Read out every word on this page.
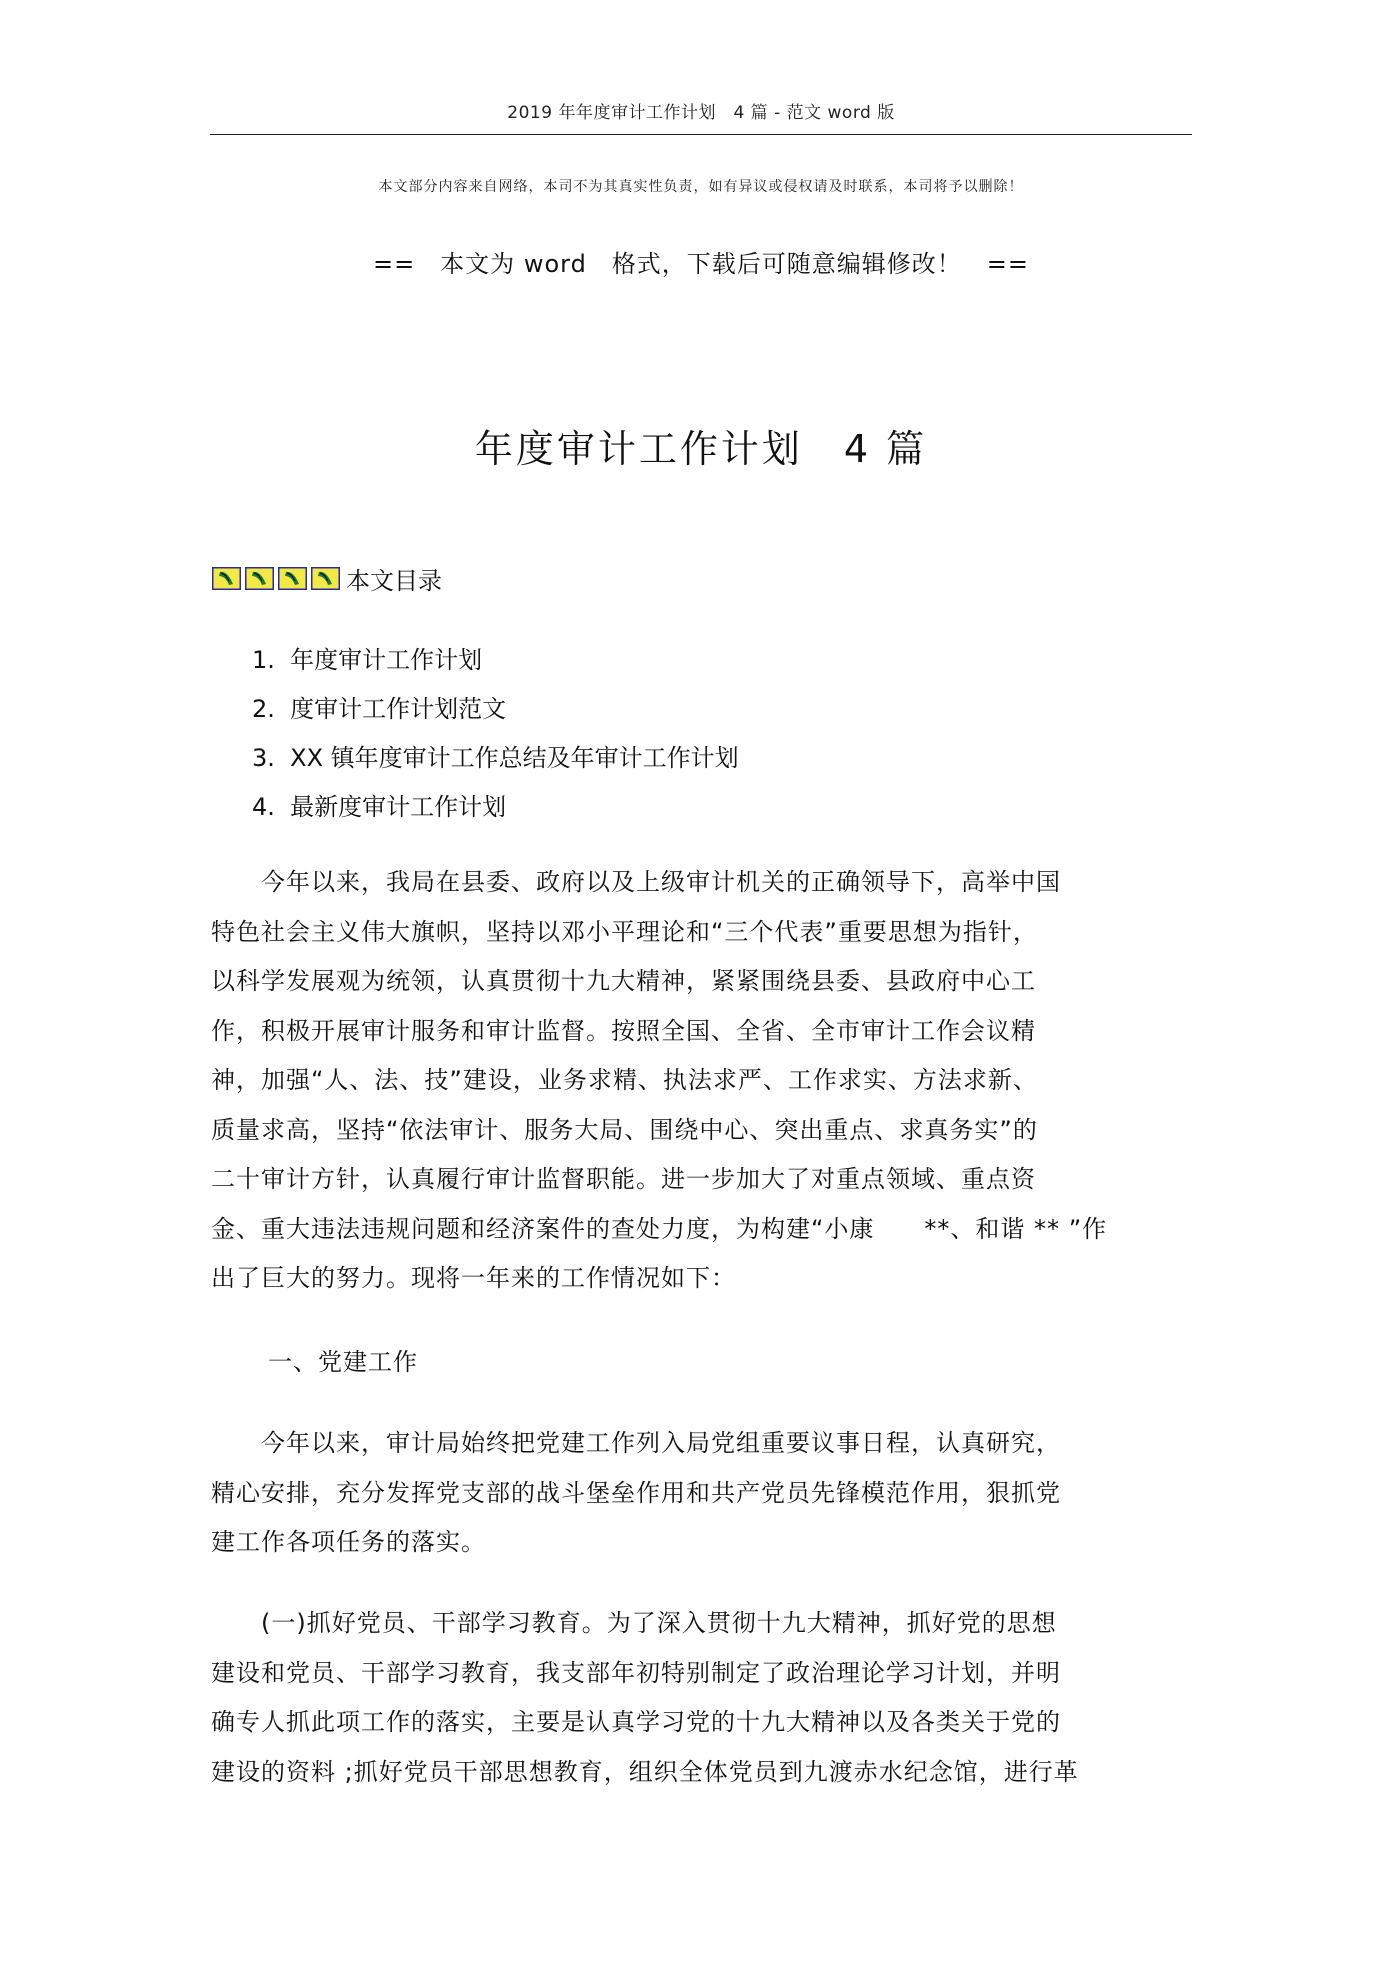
2019 年年度审计工作计划　4 篇 - 范文 word 版
本文部分内容来自网络，本司不为其真实性负责，如有异议或侵权请及时联系，本司将予以删除！
==　本文为 word　格式，下载后可随意编辑修改！　==
年度审计工作计划　4 篇
本文目录
1.  年度审计工作计划
2.  度审计工作计划范文
3.  XX 镇年度审计工作总结及年审计工作计划
4.  最新度审计工作计划
　　今年以来，我局在县委、政府以及上级审计机关的正确领导下，高举中国
特色社会主义伟大旗帜，坚持以邓小平理论和“三个代表”重要思想为指针，
以科学发展观为统领，认真贯彻十九大精神，紧紧围绕县委、县政府中心工
作，积极开展审计服务和审计监督。按照全国、全省、全市审计工作会议精
神，加强“人、法、技”建设，业务求精、执法求严、工作求实、方法求新、
质量求高，坚持“依法审计、服务大局、围绕中心、突出重点、求真务实”的
二十审计方针，认真履行审计监督职能。进一步加大了对重点领域、重点资
金、重大违法违规问题和经济案件的查处力度，为构建“小康　　**、和谐 ** ”作
出了巨大的努力。现将一年来的工作情况如下：
一、党建工作
　　今年以来，审计局始终把党建工作列入局党组重要议事日程，认真研究，
精心安排，充分发挥党支部的战斗堡垒作用和共产党员先锋模范作用，狠抓党
建工作各项任务的落实。
　　(一)抓好党员、干部学习教育。为了深入贯彻十九大精神，抓好党的思想
建设和党员、干部学习教育，我支部年初特别制定了政治理论学习计划，并明
确专人抓此项工作的落实，主要是认真学习党的十九大精神以及各类关于党的
建设的资料 ;抓好党员干部思想教育，组织全体党员到九渡赤水纪念馆，进行革
